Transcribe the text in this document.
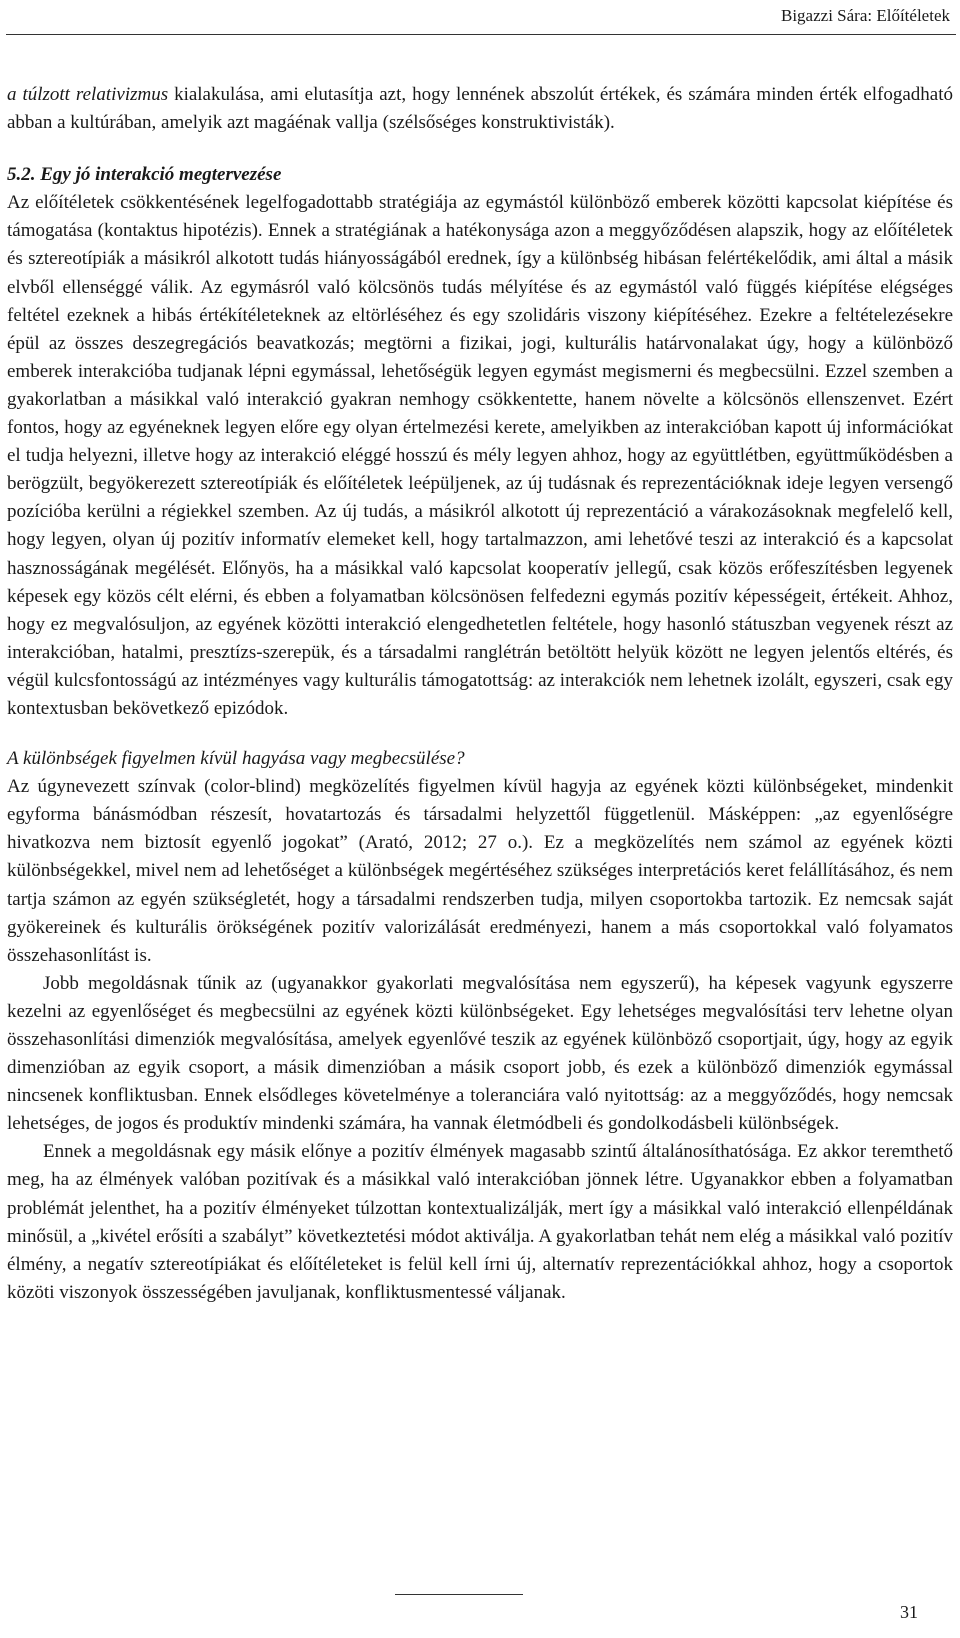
Bigazzi Sára: Előítéletek

a túlzott relativizmus kialakulása, ami elutasítja azt, hogy lennének abszolút értékek, és számára minden érték elfogadható abban a kultúrában, amelyik azt magáénak vallja (szélsőséges konstruktivisták).

5.2. Egy jó interakció megtervezése

Az előítéletek csökkentésének legelfogadottabb stratégiája az egymástól különböző emberek közötti kapcsolat kiépítése és támogatása (kontaktus hipotézis). Ennek a stratégiának a hatékonysága azon a meggyőződésen alapszik, hogy az előítéletek és sztereotípiák a másikról alkotott tudás hiányosságából erednek, így a különbség hibásan felértékelődik, ami által a másik elvből ellenséggé válik. Az egymásról való kölcsönös tudás mélyítése és az egymástól való függés kiépítése elégséges feltétel ezeknek a hibás értékítéleteknek az eltörléséhez és egy szolidáris viszony kiépítéséhez. Ezekre a feltételezésekre épül az összes deszegregációs beavatkozás; megtörni a fizikai, jogi, kulturális határvonalakat úgy, hogy a különböző emberek interakcióba tudjanak lépni egymással, lehetőségük legyen egymást megismerni és megbecsülni. Ezzel szemben a gyakorlatban a másikkal való interakció gyakran nemhogy csökkentette, hanem növelte a kölcsönös ellenszenvet. Ezért fontos, hogy az egyéneknek legyen előre egy olyan értelmezési kerete, amelyikben az interakcióban kapott új információkat el tudja helyezni, illetve hogy az interakció eléggé hosszú és mély legyen ahhoz, hogy az együttlétben, együttműködésben a berögzült, begyökerezett sztereotípiák és előítéletek leépüljenek, az új tudásnak és reprezentációknak ideje legyen versengő pozícióba kerülni a régiekkel szemben. Az új tudás, a másikról alkotott új reprezentáció a várakozásoknak megfelelő kell, hogy legyen, olyan új pozitív informatív elemeket kell, hogy tartalmazzon, ami lehetővé teszi az interakció és a kapcsolat hasznosságának megélését. Előnyös, ha a másikkal való kapcsolat kooperatív jellegű, csak közös erőfeszítésben legyenek képesek egy közös célt elérni, és ebben a folyamatban kölcsönösen felfedezni egymás pozitív képességeit, értékeit. Ahhoz, hogy ez megvalósuljon, az egyének közötti interakció elengedhetetlen feltétele, hogy hasonló státuszban vegyenek részt az interakcióban, hatalmi, presztízs-szerepük, és a társadalmi ranglétrán betöltött helyük között ne legyen jelentős eltérés, és végül kulcsfontosságú az intézményes vagy kulturális támogatottság: az interakciók nem lehetnek izolált, egyszeri, csak egy kontextusban bekövetkező epizódok.

A különbségek figyelmen kívül hagyása vagy megbecsülése?

Az úgynevezett színvak (color-blind) megközelítés figyelmen kívül hagyja az egyének közti különbségeket, mindenkit egyforma bánásmódban részesít, hovatartozás és társadalmi helyzettől függetlenül. Másképpen: „az egyenlőségre hivatkozva nem biztosít egyenlő jogokat” (Arató, 2012; 27 o.). Ez a megközelítés nem számol az egyének közti különbségekkel, mivel nem ad lehetőséget a különbségek megértéséhez szükséges interpretációs keret felállításához, és nem tartja számon az egyén szükségletét, hogy a társadalmi rendszerben tudja, milyen csoportokba tartozik. Ez nemcsak saját gyökereinek és kulturális örökségének pozitív valorizálását eredményezi, hanem a más csoportokkal való folyamatos összehasonlítást is.

Jobb megoldásnak tűnik az (ugyanakkor gyakorlati megvalósítása nem egyszerű), ha képesek vagyunk egyszerre kezelni az egyenlőséget és megbecsülni az egyének közti különbségeket. Egy lehetséges megvalósítási terv lehetne olyan összehasonlítási dimenziók megvalósítása, amelyek egyenlővé teszik az egyének különböző csoportjait, úgy, hogy az egyik dimenzióban az egyik csoport, a másik dimenzióban a másik csoport jobb, és ezek a különböző dimenziók egymással nincsenek konfliktusban. Ennek elsődleges követelménye a toleranciára való nyitottság: az a meggyőződés, hogy nemcsak lehetséges, de jogos és produktív mindenki számára, ha vannak életmódbeli és gondolkodásbeli különbségek.

Ennek a megoldásnak egy másik előnye a pozitív élmények magasabb szintű általánosíthatósága. Ez akkor teremthető meg, ha az élmények valóban pozitívak és a másikkal való interakcióban jönnek létre. Ugyanakkor ebben a folyamatban problémát jelenthet, ha a pozitív élményeket túlzottan kontextualizálják, mert így a másikkal való interakció ellenpéldának minősül, a „kivétel erősíti a szabályt” következtetési módot aktiválja. A gyakorlatban tehát nem elég a másikkal való pozitív élmény, a negatív sztereotípiákat és előítéleteket is felül kell írni új, alternatív reprezentációkkal ahhoz, hogy a csoportok közöti viszonyok összességében javuljanak, konfliktusmentessé váljanak.

31
